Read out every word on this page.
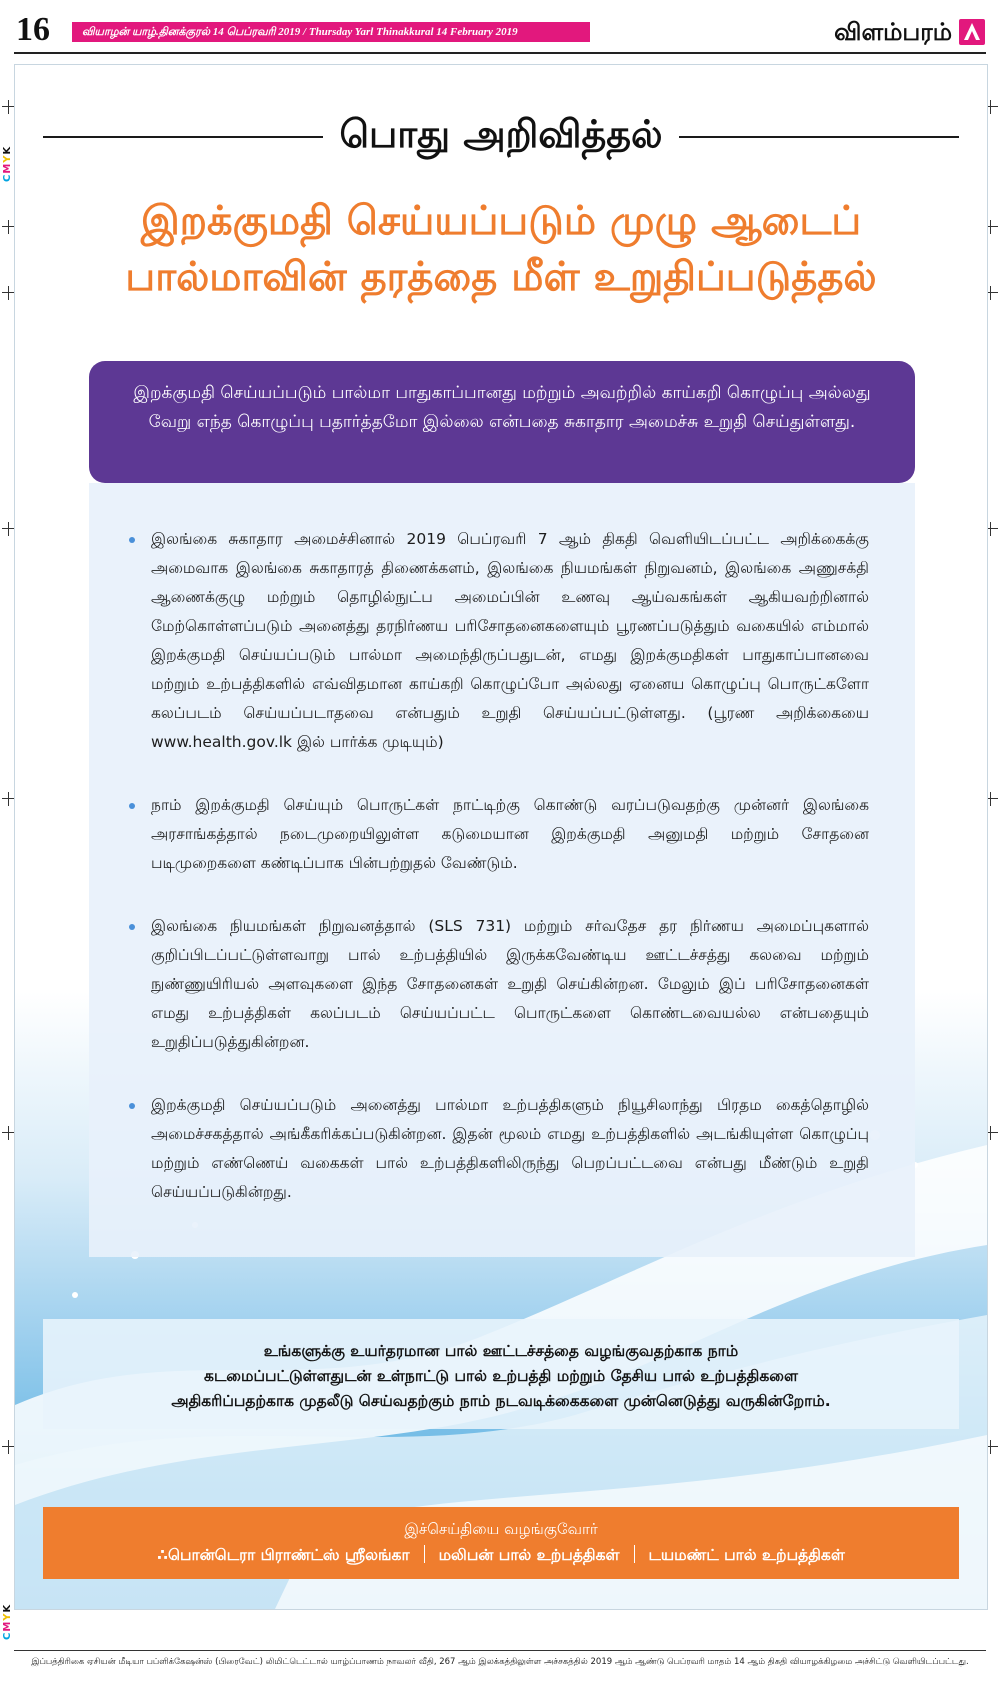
16	வியாழன் யாழ்.தினக்குரல் 14 பெப்ரவரி 2019 / Thursday Yarl Thinakkural 14 February 2019	விளம்பரம்
CMYK
CMYK
பொது அறிவித்தல்
இறக்குமதி செய்யப்படும் முழு ஆடைப்
பால்மாவின் தரத்தை மீள் உறுதிப்படுத்தல்
இறக்குமதி செய்யப்படும் பால்மா பாதுகாப்பானது மற்றும் அவற்றில் காய்கறி கொழுப்பு அல்லது வேறு எந்த கொழுப்பு பதார்த்தமோ இல்லை என்பதை சுகாதார அமைச்சு உறுதி செய்துள்ளது.
இலங்கை சுகாதார அமைச்சினால் 2019 பெப்ரவரி 7 ஆம் திகதி வெளியிடப்பட்ட அறிக்கைக்கு அமைவாக இலங்கை சுகாதாரத் திணைக்களம், இலங்கை நியமங்கள் நிறுவனம், இலங்கை அணுசக்தி ஆணைக்குழு மற்றும் தொழில்நுட்ப அமைப்பின் உணவு ஆய்வகங்கள் ஆகியவற்றினால் மேற்கொள்ளப்படும் அனைத்து தரநிர்ணய பரிசோதனைகளையும் பூரணப்படுத்தும் வகையில் எம்மால் இறக்குமதி செய்யப்படும் பால்மா அமைந்திருப்பதுடன், எமது இறக்குமதிகள் பாதுகாப்பானவை மற்றும் உற்பத்திகளில் எவ்விதமான காய்கறி கொழுப்போ அல்லது ஏனைய கொழுப்பு பொருட்களோ கலப்படம் செய்யப்படாதவை என்பதும் உறுதி செய்யப்பட்டுள்ளது. (பூரண அறிக்கையை www.health.gov.lk இல் பார்க்க முடியும்)
நாம் இறக்குமதி செய்யும் பொருட்கள் நாட்டிற்கு கொண்டு வரப்படுவதற்கு முன்னர் இலங்கை அரசாங்கத்தால் நடைமுறையிலுள்ள கடுமையான இறக்குமதி அனுமதி மற்றும் சோதனை படிமுறைகளை கண்டிப்பாக பின்பற்றுதல் வேண்டும்.
இலங்கை நியமங்கள் நிறுவனத்தால் (SLS 731) மற்றும் சர்வதேச தர நிர்ணய அமைப்புகளால் குறிப்பிடப்பட்டுள்ளவாறு பால் உற்பத்தியில் இருக்கவேண்டிய ஊட்டச்சத்து கலவை மற்றும் நுண்ணுயிரியல் அளவுகளை இந்த சோதனைகள் உறுதி செய்கின்றன. மேலும் இப் பரிசோதனைகள் எமது உற்பத்திகள் கலப்படம் செய்யப்பட்ட பொருட்களை கொண்டவையல்ல என்பதையும் உறுதிப்படுத்துகின்றன.
இறக்குமதி செய்யப்படும் அனைத்து பால்மா உற்பத்திகளும் நியூசிலாந்து பிரதம கைத்தொழில் அமைச்சகத்தால் அங்கீகரிக்கப்படுகின்றன. இதன் மூலம் எமது உற்பத்திகளில் அடங்கியுள்ள கொழுப்பு மற்றும் எண்ணெய் வகைகள் பால் உற்பத்திகளிலிருந்து பெறப்பட்டவை என்பது மீண்டும் உறுதி செய்யப்படுகின்றது.
உங்களுக்கு உயர்தரமான பால் ஊட்டச்சத்தை வழங்குவதற்காக நாம்
கடமைப்பட்டுள்ளதுடன் உள்நாட்டு பால் உற்பத்தி மற்றும் தேசிய பால் உற்பத்திகளை
அதிகரிப்பதற்காக முதலீடு செய்வதற்கும் நாம் நடவடிக்கைகளை முன்னெடுத்து வருகின்றோம்.
இச்செய்தியை வழங்குவோர்
∴பொன்டெரா பிராண்ட்ஸ் ஸ்ரீலங்கா மலிபன் பால் உற்பத்திகள் டயமண்ட் பால் உற்பத்திகள்
இப்பத்திரிகை ஏசியன் மீடியா பப்ளிக்கேஷன்ஸ் (பிரைவேட்) லிமிட்டெட்டால் யாழ்ப்பாணம் நாவலர் வீதி, 267 ஆம் இலக்கத்திலுள்ள அச்சகத்தில் 2019 ஆம் ஆண்டு பெப்ரவரி மாதம் 14 ஆம் திகதி வியாழக்கிழமை அச்சிட்டு வெளியிடப்பட்டது.
